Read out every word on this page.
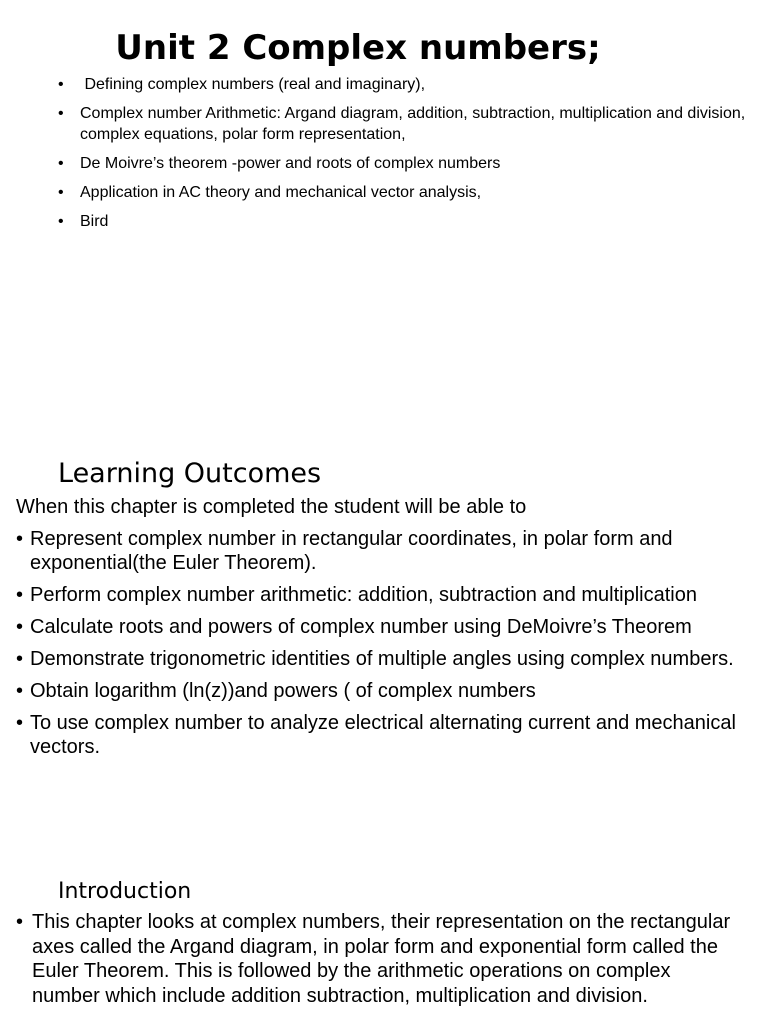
Unit 2 Complex numbers;
• Defining complex numbers (real and imaginary),
• Complex number Arithmetic: Argand diagram, addition, subtraction, multiplication and division, complex equations, polar form representation,
• De Moivre’s theorem -power and roots of complex numbers
• Application in AC theory and mechanical vector analysis,
• Bird
Learning Outcomes

When this chapter is completed the student will be able to

• Represent complex number in rectangular coordinates, in polar form and exponential(the Euler Theorem).
• Perform complex number arithmetic: addition, subtraction and multiplication
• Calculate roots and powers of complex number using DeMoivre’s Theorem
• Demonstrate trigonometric identities of multiple angles using complex numbers.
• Obtain logarithm (ln(z))and powers ( of complex numbers
• To use complex number to analyze electrical alternating current and mechanical vectors.
Introduction
• This chapter looks at complex numbers, their representation on the rectangular axes called the Argand diagram, in polar form and exponential form called the Euler Theorem. This is followed by the arithmetic operations on complex number which include addition subtraction, multiplication and division.
